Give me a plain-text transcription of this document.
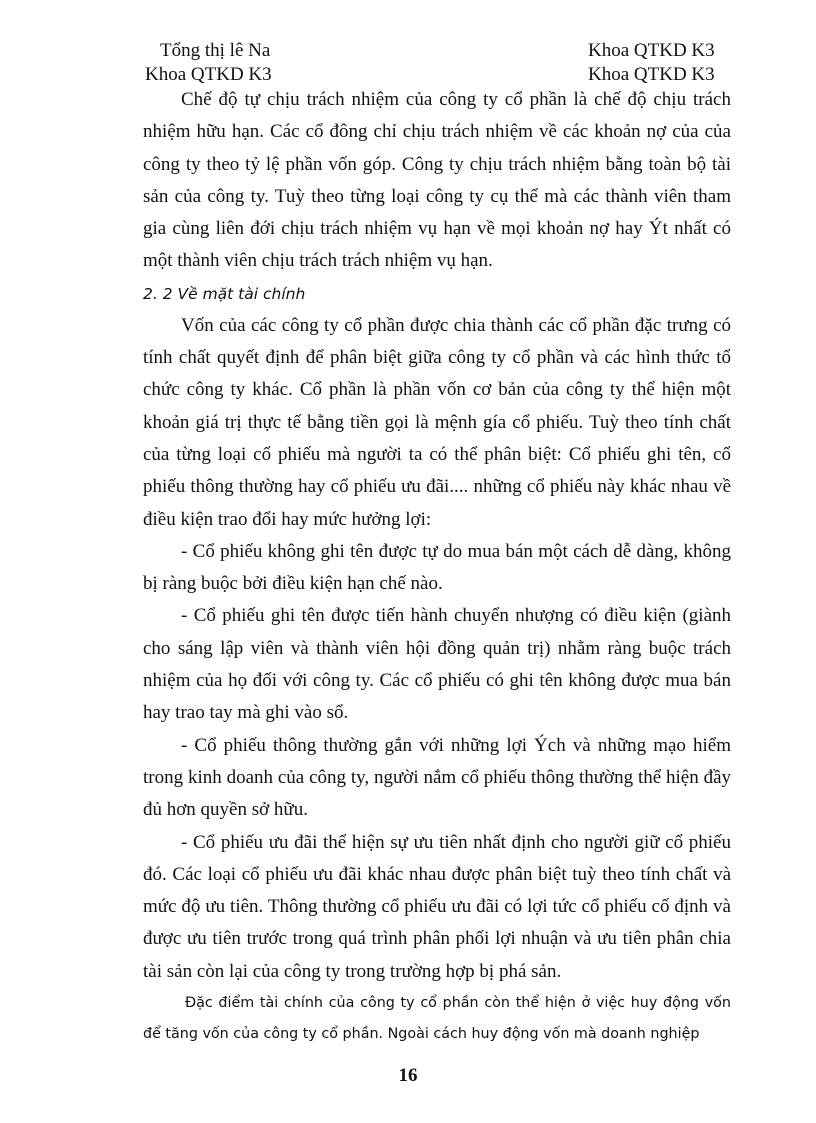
Tổng thị lê Na	Khoa QTKD K3
Khoa QTKD K3	Khoa QTKD K3

Chế độ tự chịu trách nhiệm của công ty cổ phần là chế độ chịu trách nhiệm hữu hạn. Các cổ đông chỉ chịu trách nhiệm về các khoản nợ của của công ty theo tỷ lệ phần vốn góp. Công ty chịu trách nhiệm bằng toàn bộ tài sản của công ty. Tuỳ theo từng loại công ty cụ thể mà các thành viên tham gia cùng liên đới chịu trách nhiệm vụ hạn về mọi khoản nợ hay Ýt nhất có một thành viên chịu trách trách nhiệm vụ hạn.

2. 2 Về mặt tài chính

Vốn của các công ty cổ phần được chia thành các cổ phần đặc trưng có tính chất quyết định để phân biệt giữa công ty cổ phần và các hình thức tổ chức công ty khác. Cổ phần là phần vốn cơ bản của công ty thể hiện một khoản giá trị thực tế bằng tiền gọi là mệnh gía cổ phiếu. Tuỳ theo tính chất của từng loại cổ phiếu mà người ta có thể phân biệt: Cổ phiếu ghi tên, cổ phiếu thông thường hay cổ phiếu ưu đãi.... những cổ phiếu này khác nhau về điều kiện trao đổi hay mức hưởng lợi:

- Cổ phiếu không ghi tên được tự do mua bán một cách dễ dàng, không bị ràng buộc bởi điều kiện hạn chế nào.

- Cổ phiếu ghi tên được tiến hành chuyển nhượng có điều kiện (giành cho sáng lập viên và thành viên hội đồng quản trị) nhằm ràng buộc trách nhiệm của họ đối với công ty. Các cổ phiếu có ghi tên không được mua bán hay trao tay mà ghi vào sổ.

- Cổ phiếu thông thường gắn với những lợi Ých và những mạo hiểm trong kinh doanh của công ty, người nắm cổ phiếu thông thường thể hiện đầy đủ hơn quyền sở hữu.

- Cổ phiếu ưu đãi thể hiện sự ưu tiên nhất định cho người giữ cổ phiếu đó. Các loại cổ phiếu ưu đãi khác nhau được phân biệt tuỳ theo tính chất và mức độ ưu tiên. Thông thường cổ phiếu ưu đãi có lợi tức cổ phiếu cố định và được ưu tiên trước trong quá trình phân phối lợi nhuận và ưu tiên phân chia tài sản còn lại của công ty trong trường hợp bị phá sản.

Đặc điểm tài chính của công ty cổ phần còn thể hiện ở việc huy động vốn để tăng vốn của công ty cổ phần. Ngoài cách huy động vốn mà doanh nghiệp

16
